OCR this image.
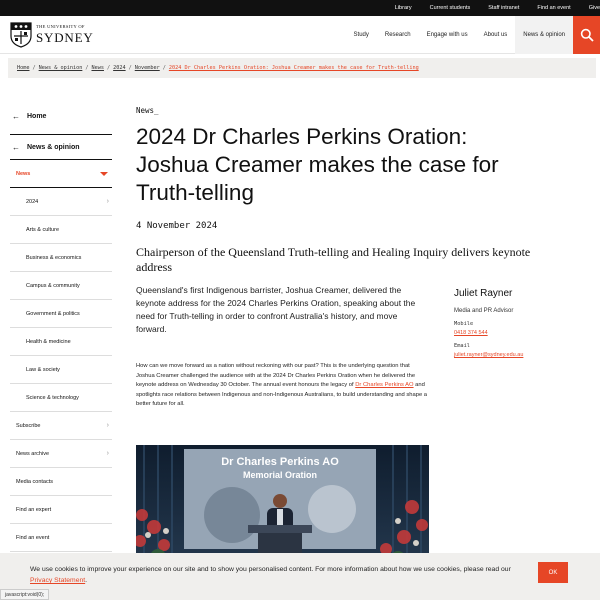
Library	Current students	Staff intranet	Find an event	Give
THE UNIVERSITY OF
SYDNEY	Study	Research	Engage with us	About us	News & opinion
Home / News & opinion / News / 2024 / November / 2024 Dr Charles Perkins Oration: Joshua Creamer makes the case for Truth-telling
← Home
← News & opinion
News
2024	›
Arts & culture
Business & economics
Campus & community
Government & politics
Health & medicine
Law & society
Science & technology
Subscribe	›
News archive	›
Media contacts
Find an expert
Find an event
News_
2024 Dr Charles Perkins Oration: Joshua Creamer makes the case for Truth-telling
4 November 2024
Chairperson of the Queensland Truth-telling and Healing Inquiry delivers keynote address

Queensland's first Indigenous barrister, Joshua Creamer, delivered the keynote address for the 2024 Charles Perkins Oration, speaking about the need for Truth-telling in order to confront Australia's history, and move forward.

How can we move forward as a nation without reckoning with our past? This is the underlying question that Joshua Creamer challenged the audience with at the 2024 Dr Charles Perkins Oration when he delivered the keynote address on Wednesday 30 October. The annual event honours the legacy of Dr Charles Perkins AO and spotlights race relations between Indigenous and non-Indigenous Australians, to build understanding and shape a better future for all.

Juliet Rayner
Media and PR Advisor
Mobile
0418 374 544
Email
juliet.rayner@sydney.edu.au
Dr Charles Perkins AO
Memorial Oration

We use cookies to improve your experience on our site and to show you personalised content. For more information about how we use cookies, please read our Privacy Statement.

OK
javascript:void(0);
